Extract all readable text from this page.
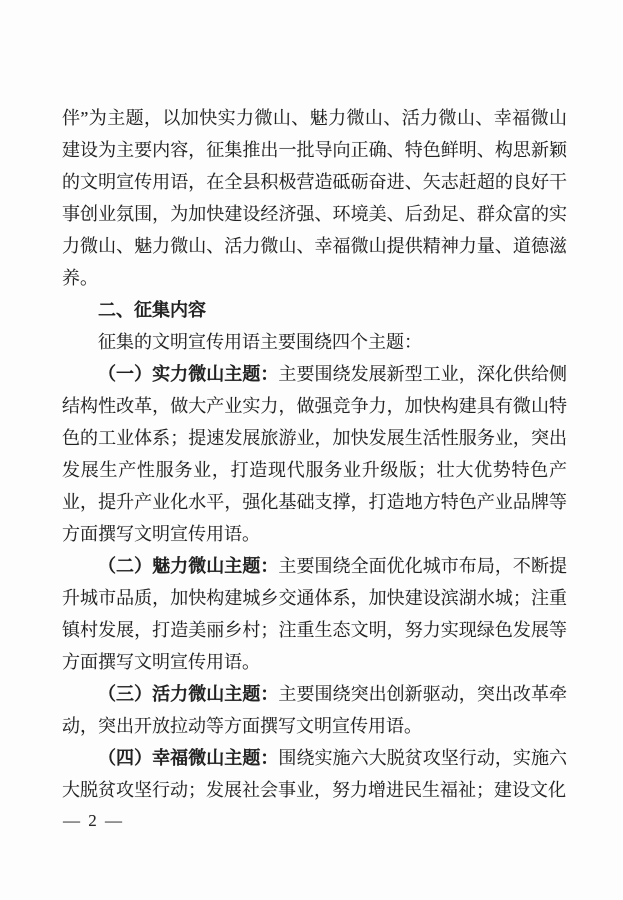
伴”为主题，以加快实力微山、魅力微山、活力微山、幸福微山建设为主要内容，征集推出一批导向正确、特色鲜明、构思新颖的文明宣传用语，在全县积极营造砥砺奋进、矢志赶超的良好干事创业氛围，为加快建设经济强、环境美、后劲足、群众富的实力微山、魅力微山、活力微山、幸福微山提供精神力量、道德滋养。

二、征集内容

征集的文明宣传用语主要围绕四个主题：

（一）实力微山主题：主要围绕发展新型工业，深化供给侧结构性改革，做大产业实力，做强竞争力，加快构建具有微山特色的工业体系；提速发展旅游业，加快发展生活性服务业，突出发展生产性服务业，打造现代服务业升级版；壮大优势特色产业，提升产业化水平，强化基础支撑，打造地方特色产业品牌等方面撰写文明宣传用语。

（二）魅力微山主题：主要围绕全面优化城市布局，不断提升城市品质，加快构建城乡交通体系，加快建设滨湖水城；注重镇村发展，打造美丽乡村；注重生态文明，努力实现绿色发展等方面撰写文明宣传用语。

（三）活力微山主题：主要围绕突出创新驱动，突出改革牵动，突出开放拉动等方面撰写文明宣传用语。

（四）幸福微山主题：围绕实施六大脱贫攻坚行动，实施六大脱贫攻坚行动；发展社会事业，努力增进民生福祉；建设文化

— 2 —
